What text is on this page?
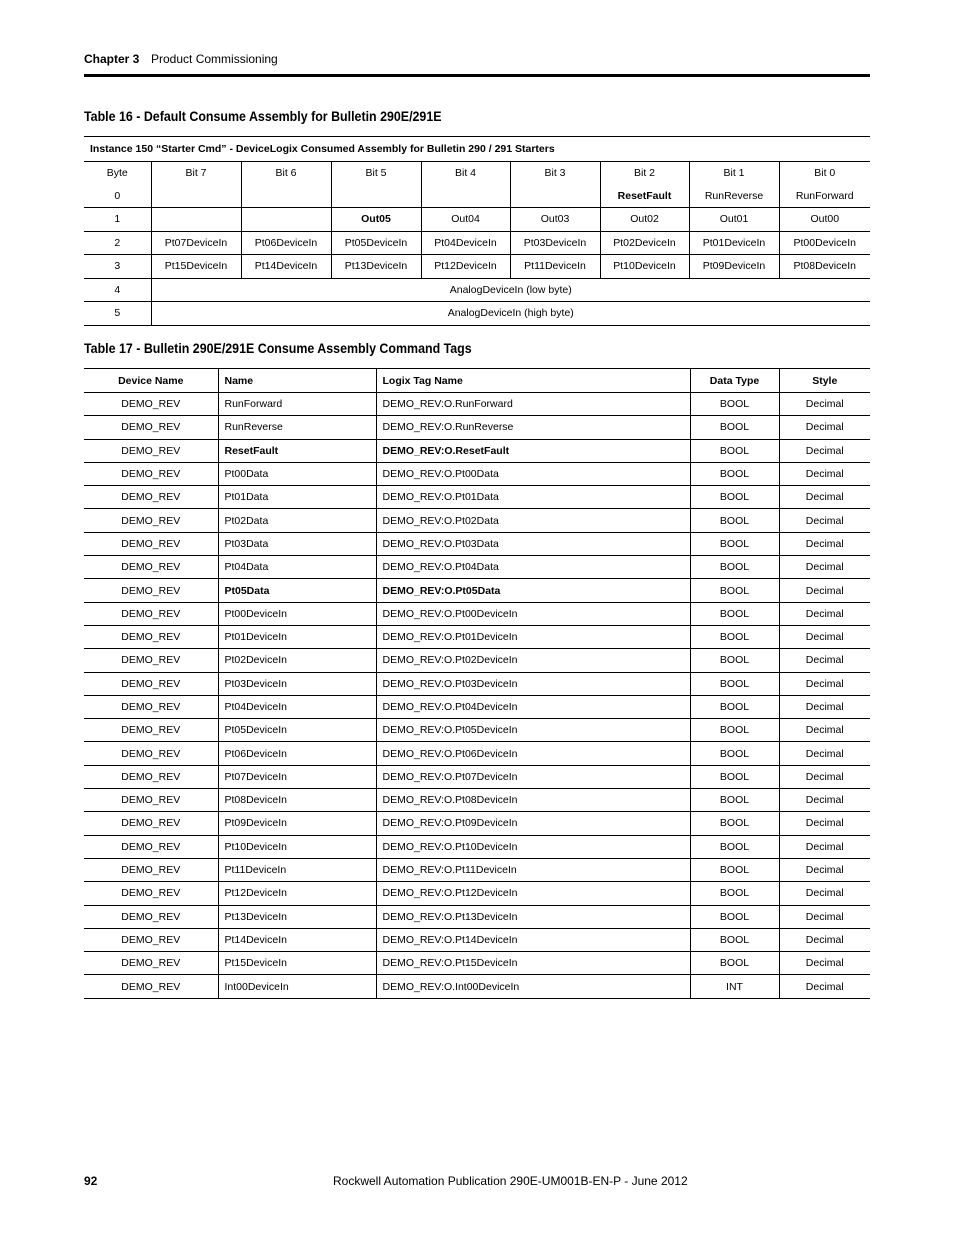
Chapter 3 Product Commissioning
Table 16 - Default Consume Assembly for Bulletin 290E/291E
Instance 150 “Starter Cmd” - DeviceLogix Consumed Assembly for Bulletin 290 / 291 Starters								
Byte	Bit 7	Bit 6	Bit 5	Bit 4	Bit 3	Bit 2	Bit 1	Bit 0
0						ResetFault	RunReverse	RunForward
1			Out05	Out04	Out03	Out02	Out01	Out00
2	Pt07DeviceIn	Pt06DeviceIn	Pt05DeviceIn	Pt04DeviceIn	Pt03DeviceIn	Pt02DeviceIn	Pt01DeviceIn	Pt00DeviceIn
3	Pt15DeviceIn	Pt14DeviceIn	Pt13DeviceIn	Pt12DeviceIn	Pt11DeviceIn	Pt10DeviceIn	Pt09DeviceIn	Pt08DeviceIn
4	AnalogDeviceIn (low byte)							
5	AnalogDeviceIn (high byte)							
Table 17 - Bulletin 290E/291E Consume Assembly Command Tags
Device Name	Name	Logix Tag Name	Data Type	Style
DEMO_REV	RunForward	DEMO_REV:O.RunForward	BOOL	Decimal
DEMO_REV	RunReverse	DEMO_REV:O.RunReverse	BOOL	Decimal
DEMO_REV	ResetFault	DEMO_REV:O.ResetFault	BOOL	Decimal
DEMO_REV	Pt00Data	DEMO_REV:O.Pt00Data	BOOL	Decimal
DEMO_REV	Pt01Data	DEMO_REV:O.Pt01Data	BOOL	Decimal
DEMO_REV	Pt02Data	DEMO_REV:O.Pt02Data	BOOL	Decimal
DEMO_REV	Pt03Data	DEMO_REV:O.Pt03Data	BOOL	Decimal
DEMO_REV	Pt04Data	DEMO_REV:O.Pt04Data	BOOL	Decimal
DEMO_REV	Pt05Data	DEMO_REV:O.Pt05Data	BOOL	Decimal
DEMO_REV	Pt00DeviceIn	DEMO_REV:O.Pt00DeviceIn	BOOL	Decimal
DEMO_REV	Pt01DeviceIn	DEMO_REV:O.Pt01DeviceIn	BOOL	Decimal
DEMO_REV	Pt02DeviceIn	DEMO_REV:O.Pt02DeviceIn	BOOL	Decimal
DEMO_REV	Pt03DeviceIn	DEMO_REV:O.Pt03DeviceIn	BOOL	Decimal
DEMO_REV	Pt04DeviceIn	DEMO_REV:O.Pt04DeviceIn	BOOL	Decimal
DEMO_REV	Pt05DeviceIn	DEMO_REV:O.Pt05DeviceIn	BOOL	Decimal
DEMO_REV	Pt06DeviceIn	DEMO_REV:O.Pt06DeviceIn	BOOL	Decimal
DEMO_REV	Pt07DeviceIn	DEMO_REV:O.Pt07DeviceIn	BOOL	Decimal
DEMO_REV	Pt08DeviceIn	DEMO_REV:O.Pt08DeviceIn	BOOL	Decimal
DEMO_REV	Pt09DeviceIn	DEMO_REV:O.Pt09DeviceIn	BOOL	Decimal
DEMO_REV	Pt10DeviceIn	DEMO_REV:O.Pt10DeviceIn	BOOL	Decimal
DEMO_REV	Pt11DeviceIn	DEMO_REV:O.Pt11DeviceIn	BOOL	Decimal
DEMO_REV	Pt12DeviceIn	DEMO_REV:O.Pt12DeviceIn	BOOL	Decimal
DEMO_REV	Pt13DeviceIn	DEMO_REV:O.Pt13DeviceIn	BOOL	Decimal
DEMO_REV	Pt14DeviceIn	DEMO_REV:O.Pt14DeviceIn	BOOL	Decimal
DEMO_REV	Pt15DeviceIn	DEMO_REV:O.Pt15DeviceIn	BOOL	Decimal
DEMO_REV	Int00DeviceIn	DEMO_REV:O.Int00DeviceIn	INT	Decimal
92	Rockwell Automation Publication 290E-UM001B-EN-P - June 2012
